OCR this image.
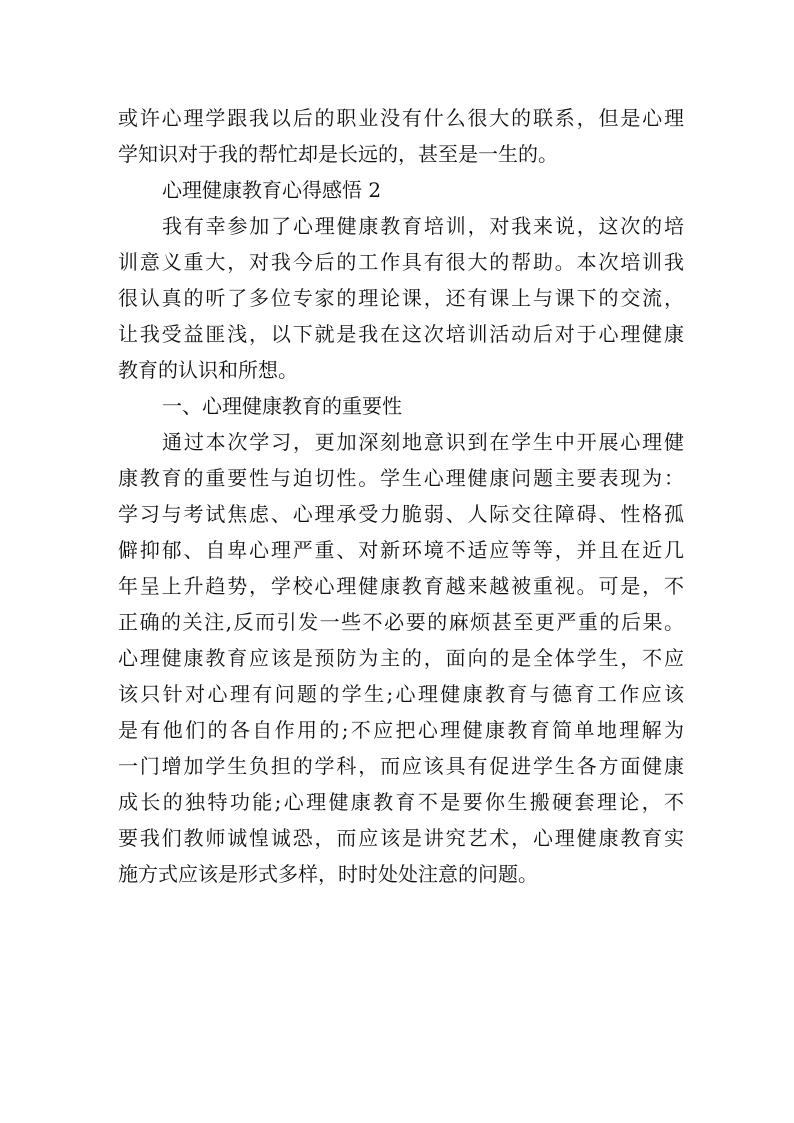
或许心理学跟我以后的职业没有什么很大的联系，但是心理
学知识对于我的帮忙却是长远的，甚至是一生的。
心理健康教育心得感悟 2
我有幸参加了心理健康教育培训，对我来说，这次的培
训意义重大，对我今后的工作具有很大的帮助。本次培训我
很认真的听了多位专家的理论课，还有课上与课下的交流，
让我受益匪浅，以下就是我在这次培训活动后对于心理健康
教育的认识和所想。
一、心理健康教育的重要性
通过本次学习，更加深刻地意识到在学生中开展心理健
康教育的重要性与迫切性。学生心理健康问题主要表现为：
学习与考试焦虑、心理承受力脆弱、人际交往障碍、性格孤
僻抑郁、自卑心理严重、对新环境不适应等等，并且在近几
年呈上升趋势，学校心理健康教育越来越被重视。可是，不
正确的关注,反而引发一些不必要的麻烦甚至更严重的后果。
心理健康教育应该是预防为主的，面向的是全体学生，不应
该只针对心理有问题的学生;心理健康教育与德育工作应该
是有他们的各自作用的;不应把心理健康教育简单地理解为
一门增加学生负担的学科，而应该具有促进学生各方面健康
成长的独特功能;心理健康教育不是要你生搬硬套理论，不
要我们教师诚惶诚恐，而应该是讲究艺术，心理健康教育实
施方式应该是形式多样，时时处处注意的问题。
